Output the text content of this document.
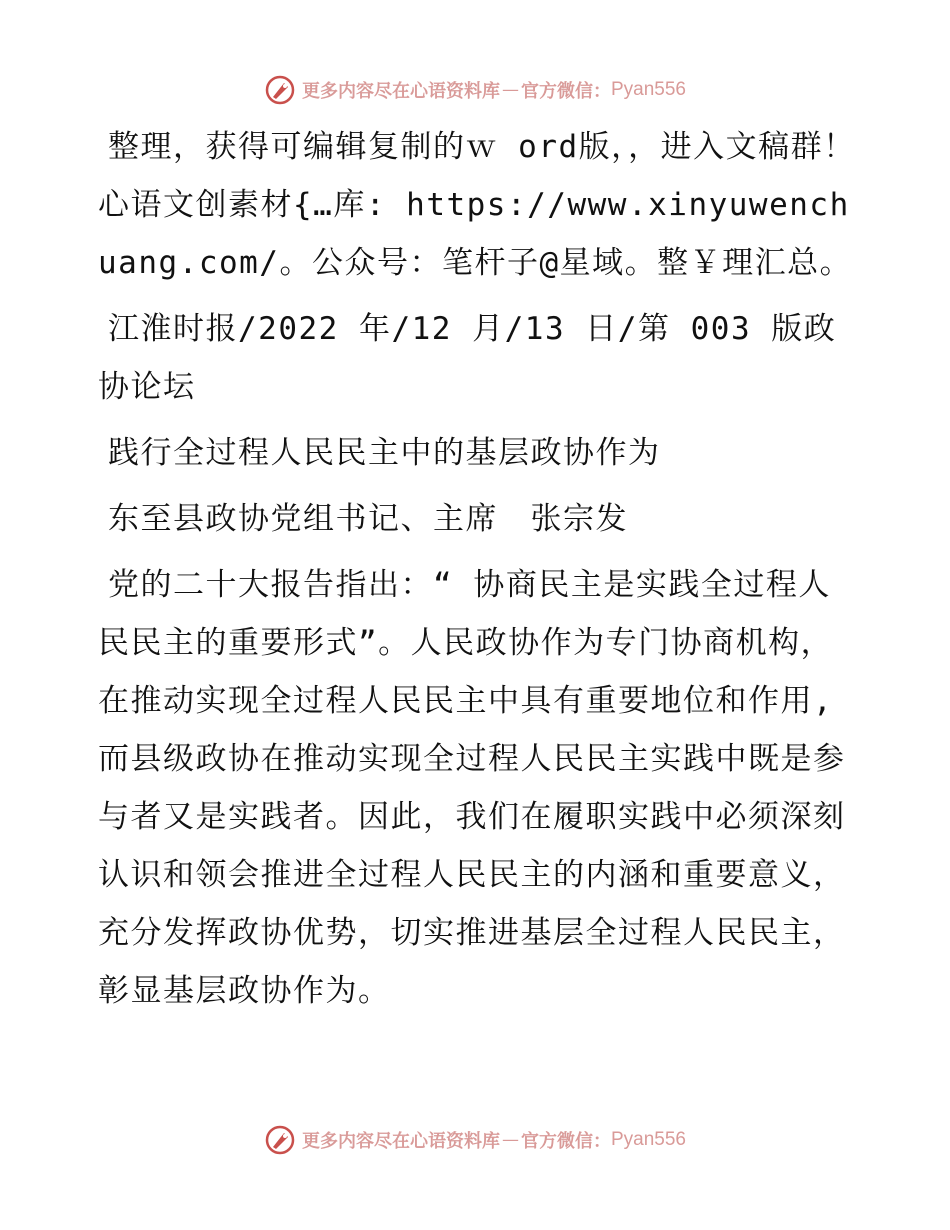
更多内容尽在心语资料库 — 官方微信： Pyan556

整理，获得可编辑复制的ｗ ord版，，进入文稿群！心语文创素材{…库: https://www.xinyuwenchuang.com/。公众号：笔杆子@星域。整￥理汇总。

江淮时报/2022 年/12 月/13 日/第 003 版政协论坛

践行全过程人民民主中的基层政协作为

东至县政协党组书记、主席　张宗发

党的二十大报告指出：“ 协商民主是实践全过程人民民主的重要形式”。人民政协作为专门协商机构，　在推动实现全过程人民民主中具有重要地位和作用,而县级政协在推动实现全过程人民民主实践中既是参与者又是实践者。因此，我们在履职实践中必须深刻认识和领会推进全过程人民民主的内涵和重要意义，充分发挥政协优势，切实推进基层全过程人民民主，彰显基层政协作为。

更多内容尽在心语资料库 — 官方微信： Pyan556
